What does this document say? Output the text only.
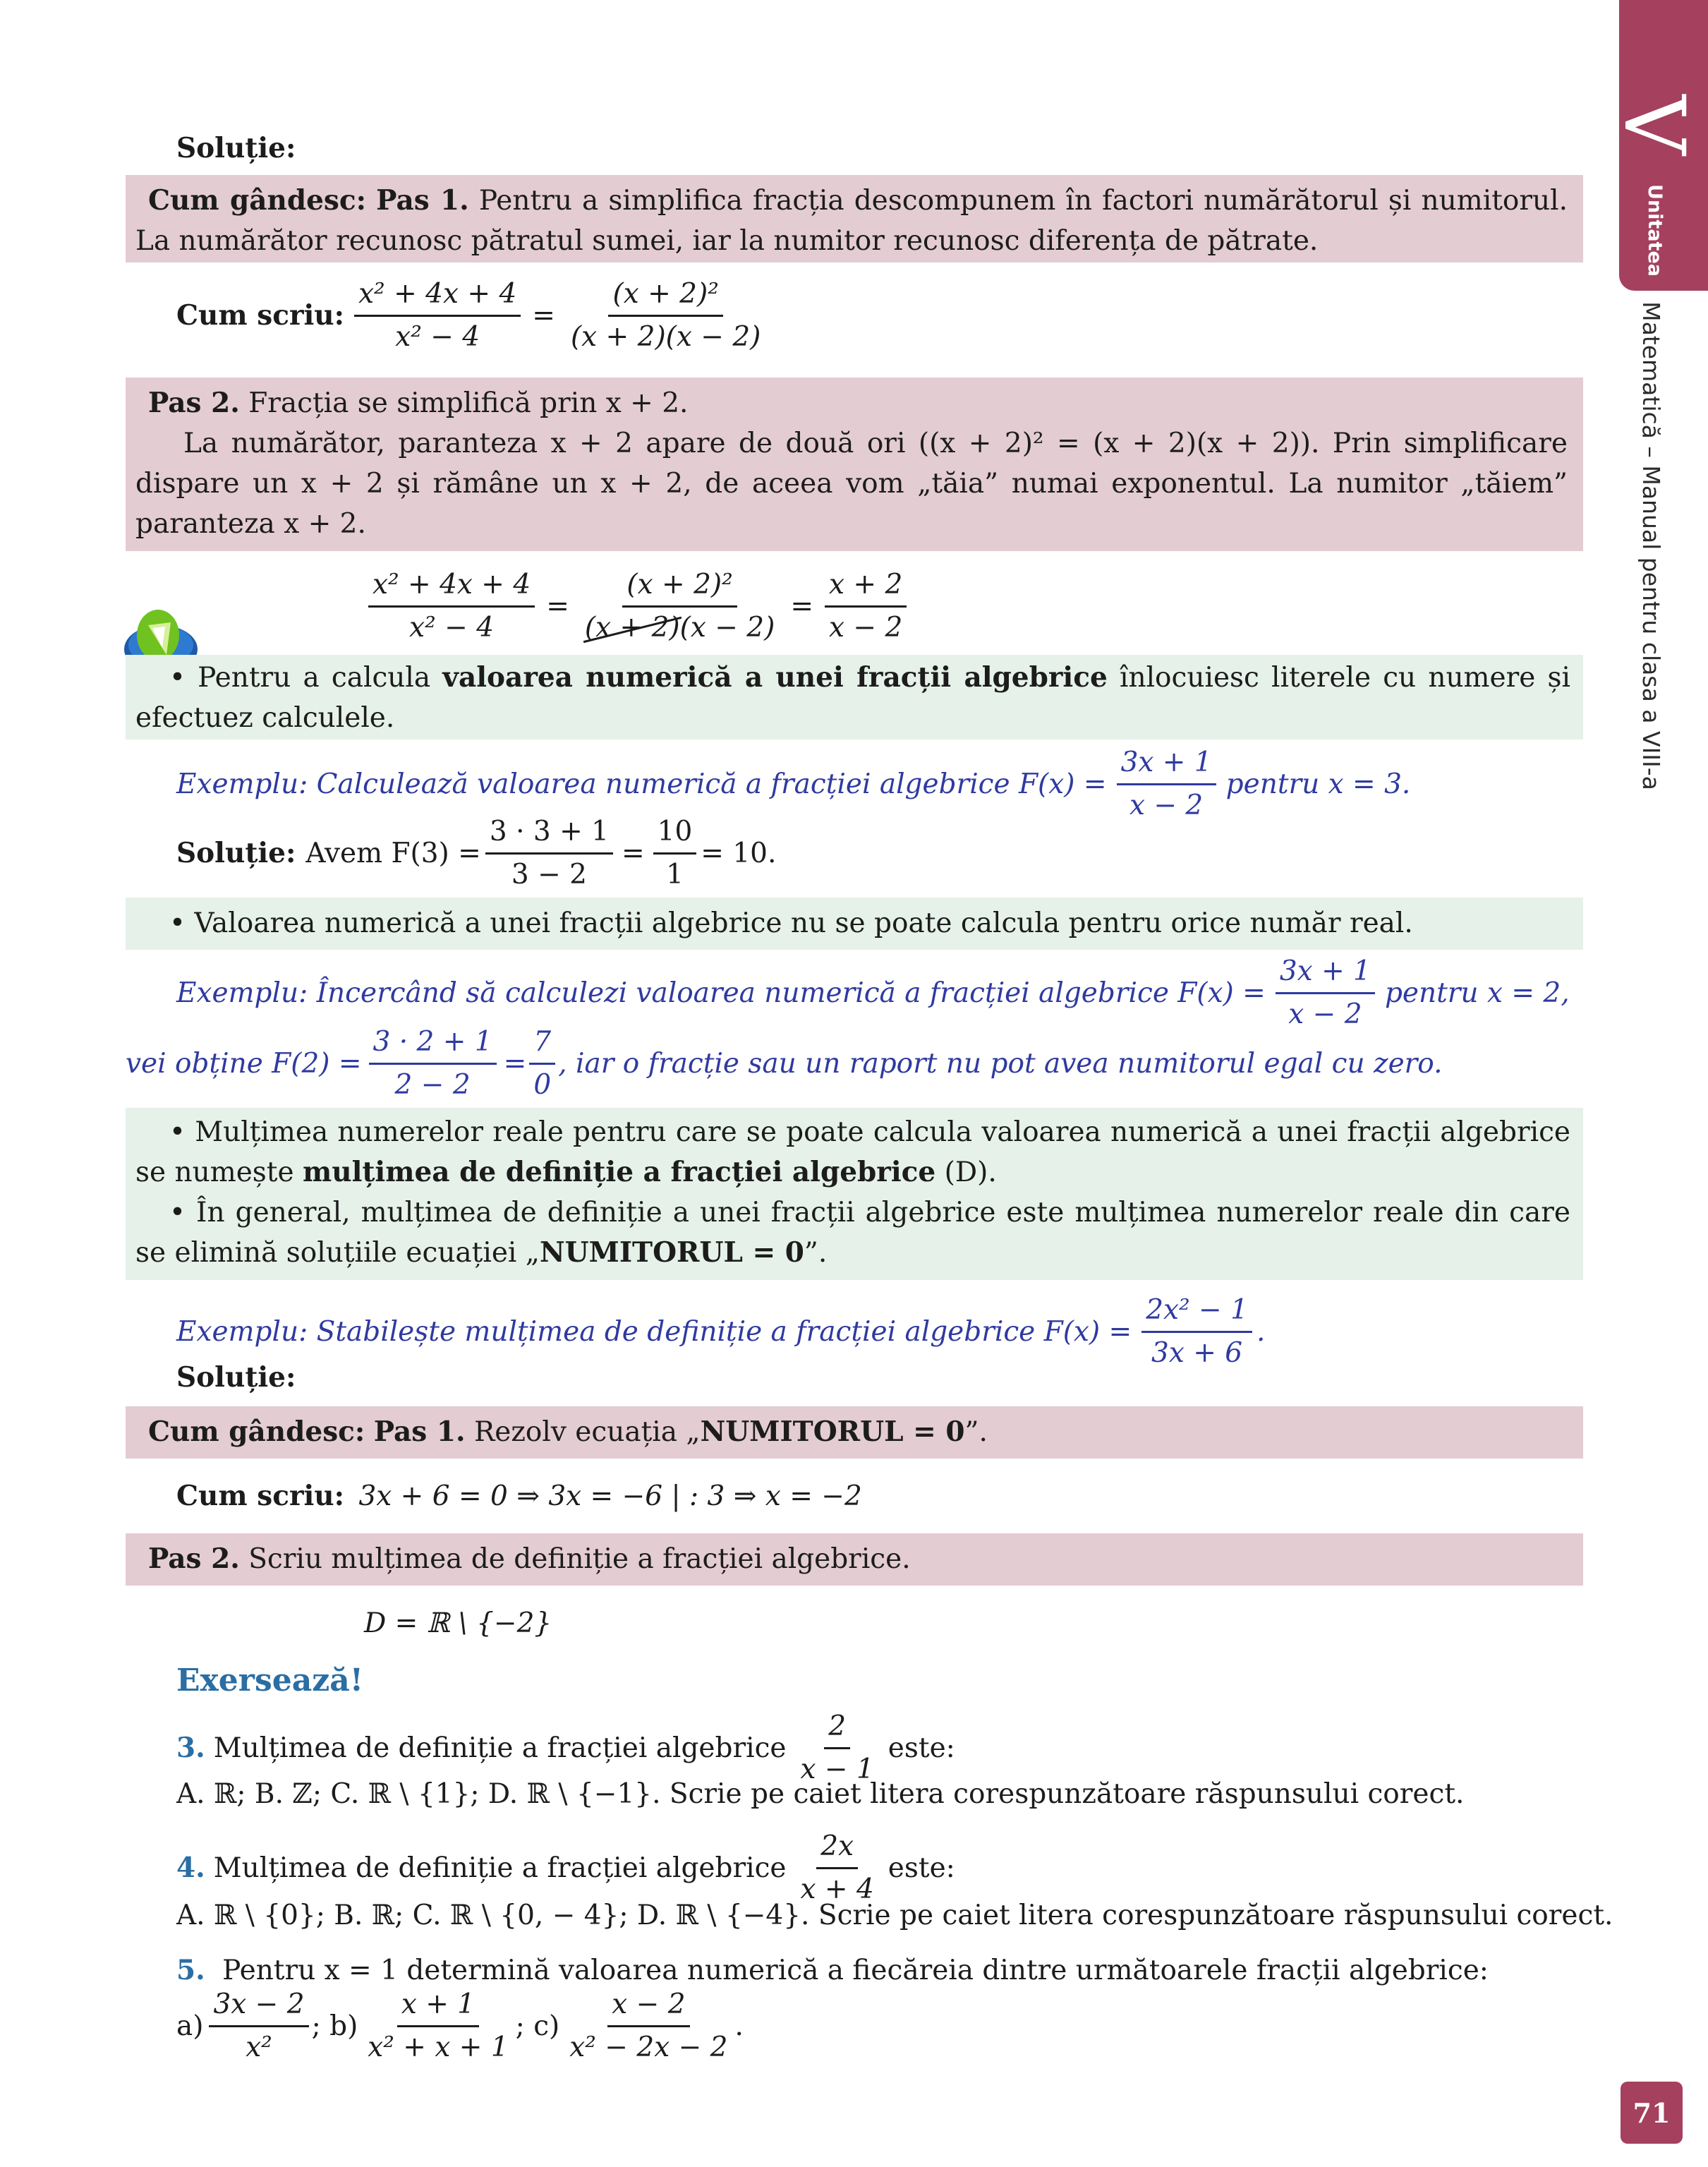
V
Unitatea
Matematică – Manual pentru clasa a VIII-a
71
Soluție:
Cum gândesc: Pas 1. Pentru a simplifica fracția descompunem în factori numărătorul și numitorul. La numărător recunosc pătratul sumei, iar la numitor recunosc diferența de pătrate.
Cum scriu: $\frac{\text{x² + 4x + 4}}{\text{x² − 4}} = \frac{\text{(x + 2)²}}{(x + 2)(x - 2)}$
Pas 2. Fracția se simplifică prin x + 2.
La numărător, paranteza x + 2 apare de două ori ((x + 2)² = (x + 2)(x + 2)). Prin simplificare dispare un x + 2 și rămâne un x + 2, de aceea vom „tăia” numai exponentul. La numitor „tăiem” paranteza x + 2.
$\frac{\text{x² + 4x + 4}}{\text{x² − 4}} = \frac{\text{(x + 2)²}}{(x + 2)(x - 2)} = \frac{x + 2}{x - 2}$
• Pentru a calcula valoarea numerică a unei fracții algebrice înlocuiesc literele cu numere și efectuez calculele.
Exemplu: Calculează valoarea numerică a fracției algebrice $F(x) = \frac{3x + 1}{x - 2}$ pentru x = 3.
Soluție: Avem $F(3) = \frac{3 \cdot 3 + 1}{3 - 2} = \frac{10}{1} = 10$.
• Valoarea numerică a unei fracții algebrice nu se poate calcula pentru orice număr real.
Exemplu: Încercând să calculezi valoarea numerică a fracției algebrice $F(x) = \frac{3x + 1}{x - 2}$ pentru x = 2,
vei obține $F(2) = \frac{3 \cdot 2 + 1}{2 - 2} = \frac{7}{0}$ , iar o fracție sau un raport nu pot avea numitorul egal cu zero.
• Mulțimea numerelor reale pentru care se poate calcula valoarea numerică a unei fracții algebrice se numește mulțimea de definiție a fracției algebrice (D).
• În general, mulțimea de definiție a unei fracții algebrice este mulțimea numerelor reale din care se elimină soluțiile ecuației „NUMITORUL = 0”.
Exemplu: Stabilește mulțimea de definiție a fracției algebrice $F(x) = \frac{\text{2x² − 1}}{3x + 6}$ .
Soluție:
Cum gândesc: Pas 1. Rezolv ecuația „NUMITORUL = 0”.
Cum scriu: 3x + 6 = 0 ⇒ 3x = −6 | : 3 ⇒ x = −2
Pas 2. Scriu mulțimea de definiție a fracției algebrice.
D = ℝ \ {−2}
Exersează!
3. Mulțimea de definiție a fracției algebrice $\frac{2}{x - 1}$ este:
A. ℝ; B. ℤ; C. ℝ \ {1}; D. ℝ \ {−1}. Scrie pe caiet litera corespunzătoare răspunsului corect.
4. Mulțimea de definiție a fracției algebrice $\frac{2x}{x + 4}$ este:
A. ℝ \ {0}; B. ℝ; C. ℝ \ {0, − 4}; D. ℝ \ {−4}. Scrie pe caiet litera corespunzătoare răspunsului corect.
5. Pentru x = 1 determină valoarea numerică a fiecăreia dintre următoarele fracții algebrice:
$a) \frac{3x - 2}{\text{x²}}$ ; $b) \frac{x + 1}{\text{x² + x + 1}}$ ; $c) \frac{x - 2}{\text{x² − 2x − 2}}$ .
